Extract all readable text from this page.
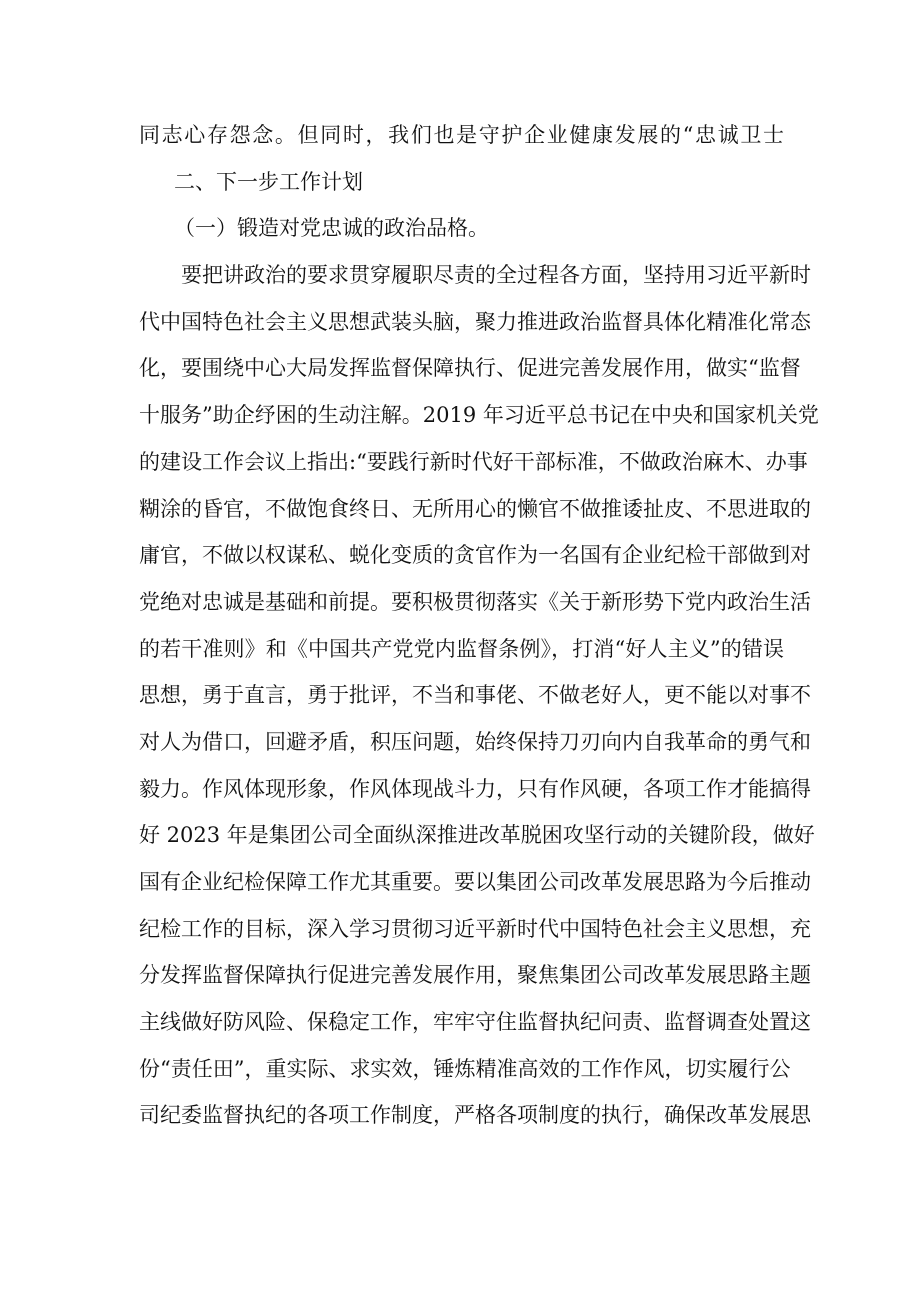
同志心存怨念。但同时，我们也是守护企业健康发展的“忠诚卫士
二、下一步工作计划
（一）锻造对党忠诚的政治品格。
要把讲政治的要求贯穿履职尽责的全过程各方面，坚持用习近平新时
代中国特色社会主义思想武装头脑，聚力推进政治监督具体化精准化常态
化，要围绕中心大局发挥监督保障执行、促进完善发展作用，做实“监督
十服务”助企纾困的生动注解。2019 年习近平总书记在中央和国家机关党
的建设工作会议上指出:“要践行新时代好干部标准，不做政治麻木、办事
糊涂的昏官，不做饱食终日、无所用心的懒官不做推诿扯皮、不思进取的
庸官，不做以权谋私、蜕化变质的贪官作为一名国有企业纪检干部做到对
党绝对忠诚是基础和前提。要积极贯彻落实《关于新形势下党内政治生活
的若干准则》和《中国共产党党内监督条例》，打消“好人主义”的错误
思想，勇于直言，勇于批评，不当和事佬、不做老好人，更不能以对事不
对人为借口，回避矛盾，积压问题，始终保持刀刃向内自我革命的勇气和
毅力。作风体现形象，作风体现战斗力，只有作风硬，各项工作才能搞得
好 2023 年是集团公司全面纵深推进改革脱困攻坚行动的关键阶段，做好
国有企业纪检保障工作尤其重要。要以集团公司改革发展思路为今后推动
纪检工作的目标，深入学习贯彻习近平新时代中国特色社会主义思想，充
分发挥监督保障执行促进完善发展作用，聚焦集团公司改革发展思路主题
主线做好防风险、保稳定工作，牢牢守住监督执纪问责、监督调查处置这
份“责任田”，重实际、求实效，锤炼精准高效的工作作风，切实履行公
司纪委监督执纪的各项工作制度，严格各项制度的执行，确保改革发展思
